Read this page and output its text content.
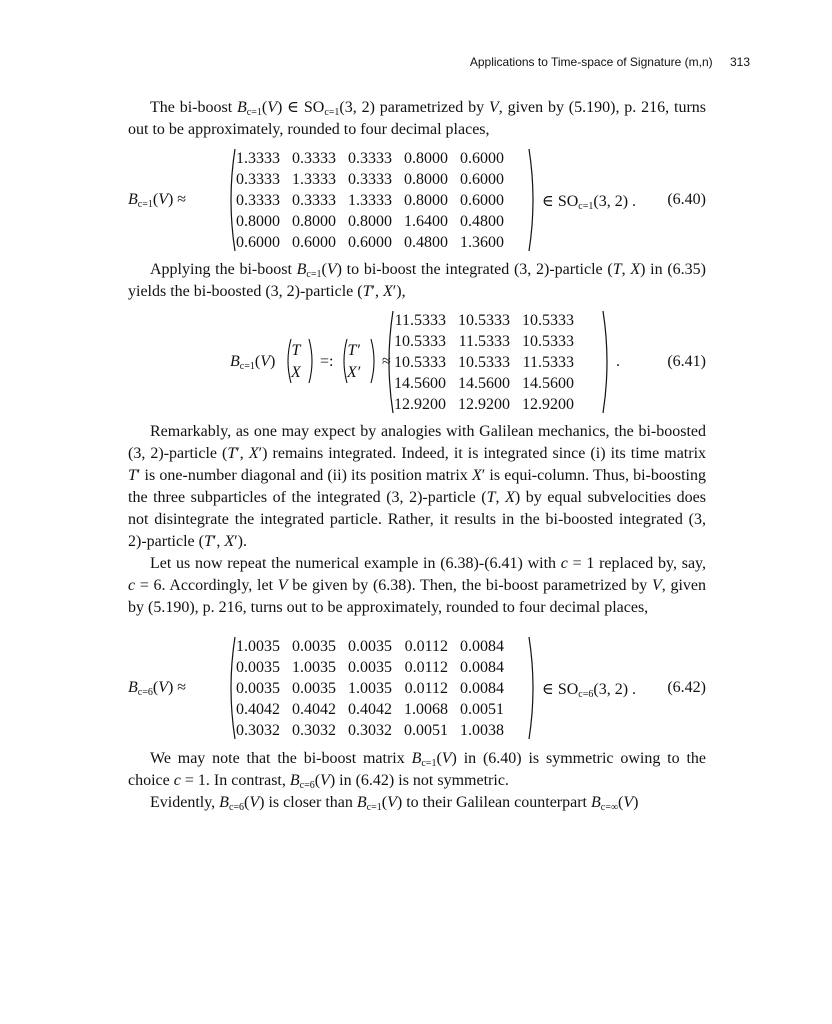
Applications to Time-space of Signature (m,n) 313

The bi-boost $B_{c=1}(V)$ ∈ $SO_{c=1}(3$, 2) parametrized by V, given by (5.190), p. 216, turns out to be approximately, rounded to four decimal places,

$B_{c=1}(V)$ ≈
1.3333	0.3333	0.3333	0.8000	0.6000
0.3333	1.3333	0.3333	0.8000	0.6000
0.3333	0.3333	1.3333	0.8000	0.6000
0.8000	0.8000	0.8000	1.6400	0.4800
0.6000	0.6000	0.6000	0.4800	1.3600
∈ $SO_{c=1}(3$, 2) . (6.40)

Applying the bi-boost $B_{c=1}(V)$ to bi-boost the integrated (3, 2)-particle (T, X) in (6.35) yields the bi-boosted (3, 2)-particle (T′, X′),

$B_{c=1}(V)$
T
X
=:
T′
X′
≈
11.5333	10.5333	10.5333
10.5333	11.5333	10.5333
10.5333	10.5333	11.5333
14.5600	14.5600	14.5600
12.9200	12.9200	12.9200
.	(6.41)

Remarkably, as one may expect by analogies with Galilean mechanics, the bi-boosted (3, 2)-particle (T′, X′) remains integrated. Indeed, it is integrated since (i) its time matrix T′ is one-number diagonal and (ii) its position matrix X′ is equi-column. Thus, bi-boosting the three subparticles of the integrated (3, 2)-particle (T, X) by equal subvelocities does not disintegrate the integrated particle. Rather, it results in the bi-boosted integrated (3, 2)-particle (T′, X′).

Let us now repeat the numerical example in (6.38)-(6.41) with c = 1 replaced by, say, c = 6. Accordingly, let V be given by (6.38). Then, the bi-boost parametrized by V, given by (5.190), p. 216, turns out to be approximately, rounded to four decimal places,

$B_{c=6}(V)$ ≈
1.0035	0.0035	0.0035	0.0112	0.0084
0.0035	1.0035	0.0035	0.0112	0.0084
0.0035	0.0035	1.0035	0.0112	0.0084
0.4042	0.4042	0.4042	1.0068	0.0051
0.3032	0.3032	0.3032	0.0051	1.0038
∈ $SO_{c=6}(3$, 2) . (6.42)

We may note that the bi-boost matrix $B_{c=1}(V)$ in (6.40) is symmetric owing to the choice c = 1. In contrast, $B_{c=6}(V)$ in (6.42) is not symmetric.

Evidently, $B_{c=6}(V)$ is closer than $B_{c=1}(V)$ to their Galilean counterpart $B_{c=\infty}(V)$
